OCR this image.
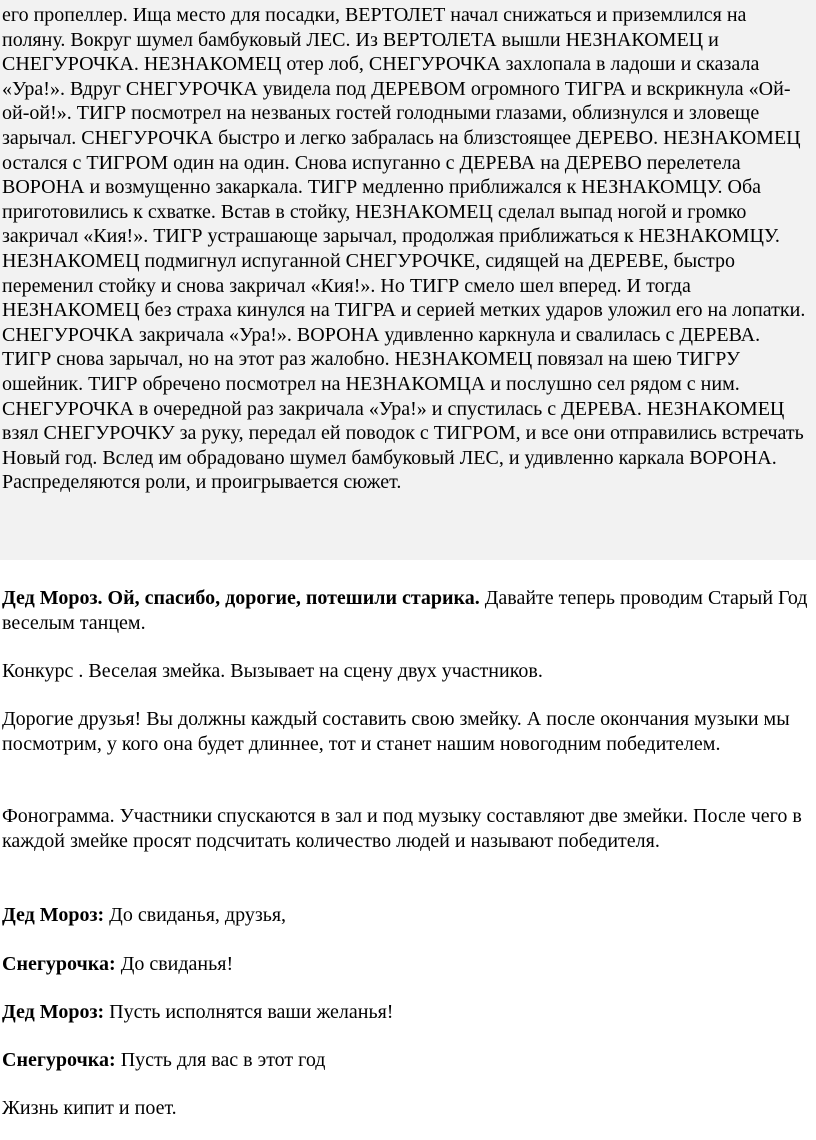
его пропеллер. Ища место для посадки, ВЕРТОЛЕТ начал снижаться и приземлился на поляну. Вокруг шумел бамбуковый ЛЕС. Из ВЕРТОЛЕТА вышли НЕЗНАКОМЕЦ и СНЕГУРОЧКА. НЕЗНАКОМЕЦ отер лоб, СНЕГУРОЧКА захлопала в ладоши и сказала «Ура!». Вдруг СНЕГУРОЧКА увидела под ДЕРЕВОМ огромного ТИГРА и вскрикнула «Ой-ой-ой!». ТИГР посмотрел на незваных гостей голодными глазами, облизнулся и зловеще зарычал. СНЕГУРОЧКА быстро и легко забралась на близстоящее ДЕРЕВО. НЕЗНАКОМЕЦ остался с ТИГРОМ один на один. Снова испуганно с ДЕРЕВА на ДЕРЕВО перелетела ВОРОНА и возмущенно закаркала. ТИГР медленно приближался к НЕЗНАКОМЦУ. Оба приготовились к схватке. Встав в стойку, НЕЗНАКОМЕЦ сделал выпад ногой и громко закричал «Кия!». ТИГР устрашающе зарычал, продолжая приближаться к НЕЗНАКОМЦУ. НЕЗНАКОМЕЦ подмигнул испуганной СНЕГУРОЧКЕ, сидящей на ДЕРЕВЕ, быстро переменил стойку и снова закричал «Кия!». Но ТИГР смело шел вперед. И тогда НЕЗНАКОМЕЦ без страха кинулся на ТИГРА и серией метких ударов уложил его на лопатки. СНЕГУРОЧКА закричала «Ура!». ВОРОНА удивленно каркнула и свалилась с ДЕРЕВА. ТИГР снова зарычал, но на этот раз жалобно. НЕЗНАКОМЕЦ повязал на шею ТИГРУ ошейник. ТИГР обречено посмотрел на НЕЗНАКОМЦА и послушно сел рядом с ним. СНЕГУРОЧКА в очередной раз закричала «Ура!» и спустилась с ДЕРЕВА. НЕЗНАКОМЕЦ взял СНЕГУРОЧКУ за руку, передал ей поводок с ТИГРОМ, и все они отправились встречать Новый год. Вслед им обрадовано шумел бамбуковый ЛЕС, и удивленно каркала ВОРОНА. Распределяются роли, и проигрывается сюжет.

Дед Мороз. Ой, спасибо, дорогие, потешили старика. Давайте теперь проводим Старый Год веселым танцем.

Конкурс . Веселая змейка. Вызывает на сцену двух участников.

Дорогие друзья! Вы должны каждый составить свою змейку. А после окончания музыки мы посмотрим, у кого она будет длиннее, тот и станет нашим новогодним победителем.

Фонограмма. Участники спускаются в зал и под музыку составляют две змейки. После чего в каждой змейке просят подсчитать количество людей и называют победителя.

Дед Мороз: До свиданья, друзья,

Снегурочка: До свиданья!

Дед Мороз: Пусть исполнятся ваши желанья!

Снегурочка: Пусть для вас в этот год

Жизнь кипит и поет.
